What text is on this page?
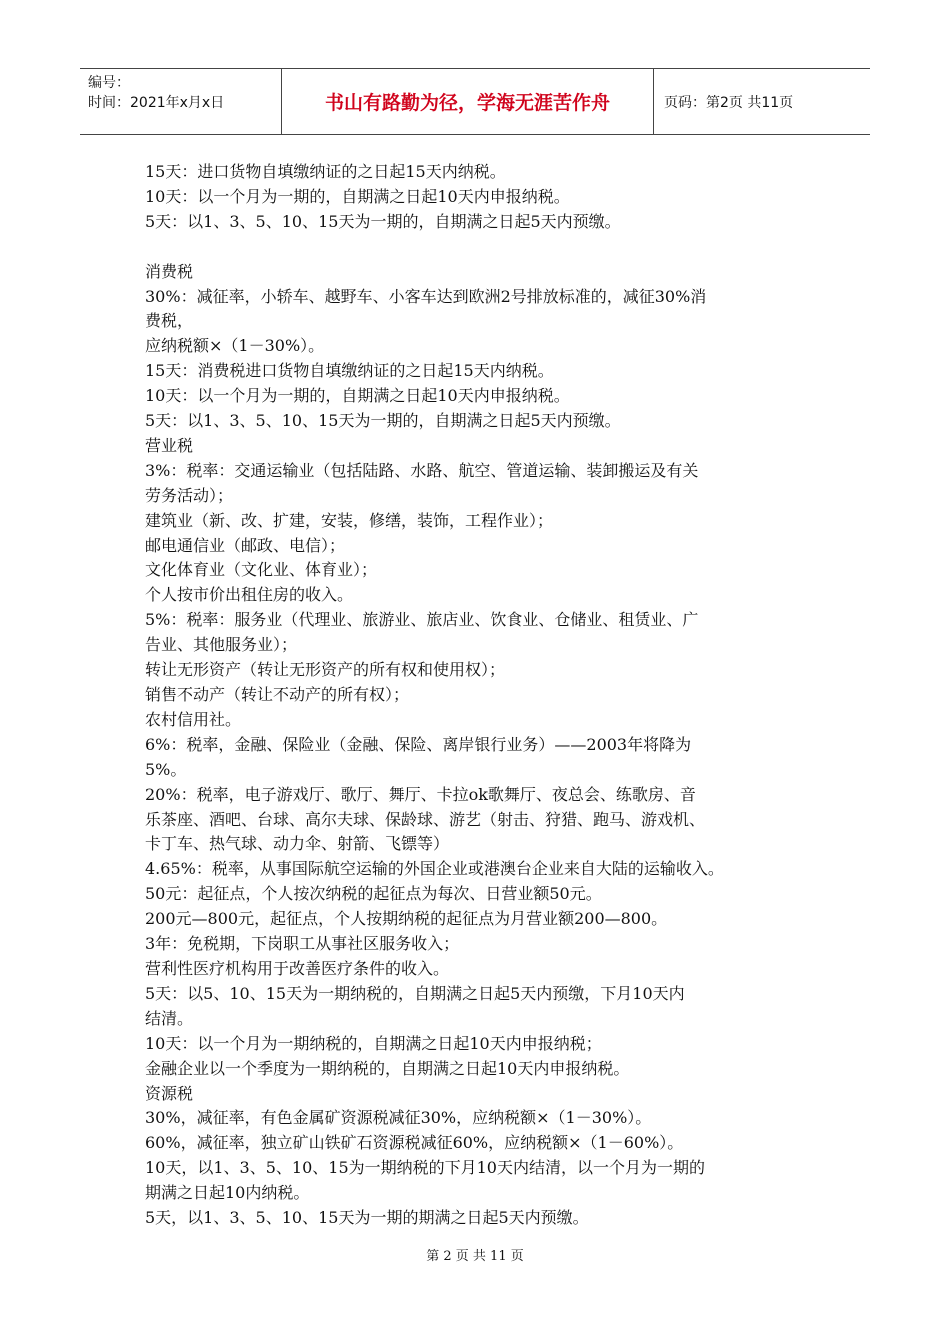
编号：
时间：2021年x月x日	书山有路勤为径，学海无涯苦作舟	页码：第2页 共11页
15天：进口货物自填缴纳证的之日起15天内纳税。
10天：以一个月为一期的，自期满之日起10天内申报纳税。
5天：以1、3、5、10、15天为一期的，自期满之日起5天内预缴。
消费税
30%：减征率，小轿车、越野车、小客车达到欧洲2号排放标准的，减征30%消
费税，
应纳税额×（1－30%）。
15天：消费税进口货物自填缴纳证的之日起15天内纳税。
10天：以一个月为一期的，自期满之日起10天内申报纳税。
5天：以1、3、5、10、15天为一期的，自期满之日起5天内预缴。
营业税
3%：税率：交通运输业（包括陆路、水路、航空、管道运输、装卸搬运及有关
劳务活动）；
建筑业（新、改、扩建，安装，修缮，装饰，工程作业）；
邮电通信业（邮政、电信）；
文化体育业（文化业、体育业）；
个人按市价出租住房的收入。
5%：税率：服务业（代理业、旅游业、旅店业、饮食业、仓储业、租赁业、广
告业、其他服务业）；
转让无形资产（转让无形资产的所有权和使用权）；
销售不动产（转让不动产的所有权）；
农村信用社。
6%：税率，金融、保险业（金融、保险、离岸银行业务）——2003年将降为
5%。
20%：税率，电子游戏厅、歌厅、舞厅、卡拉ok歌舞厅、夜总会、练歌房、音
乐茶座、酒吧、台球、高尔夫球、保龄球、游艺（射击、狩猎、跑马、游戏机、
卡丁车、热气球、动力伞、射箭、飞镖等）
4.65%：税率，从事国际航空运输的外国企业或港澳台企业来自大陆的运输收入。
50元：起征点，个人按次纳税的起征点为每次、日营业额50元。
200元—800元，起征点，个人按期纳税的起征点为月营业额200—800。
3年：免税期，下岗职工从事社区服务收入；
营利性医疗机构用于改善医疗条件的收入。
5天：以5、10、15天为一期纳税的，自期满之日起5天内预缴，下月10天内
结清。
10天：以一个月为一期纳税的，自期满之日起10天内申报纳税；
金融企业以一个季度为一期纳税的，自期满之日起10天内申报纳税。
资源税
30%，减征率，有色金属矿资源税减征30%，应纳税额×（1－30%）。
60%，减征率，独立矿山铁矿石资源税减征60%，应纳税额×（1－60%）。
10天，以1、3、5、10、15为一期纳税的下月10天内结清，以一个月为一期的
期满之日起10内纳税。
5天，以1、3、5、10、15天为一期的期满之日起5天内预缴。
第 2 页 共 11 页
